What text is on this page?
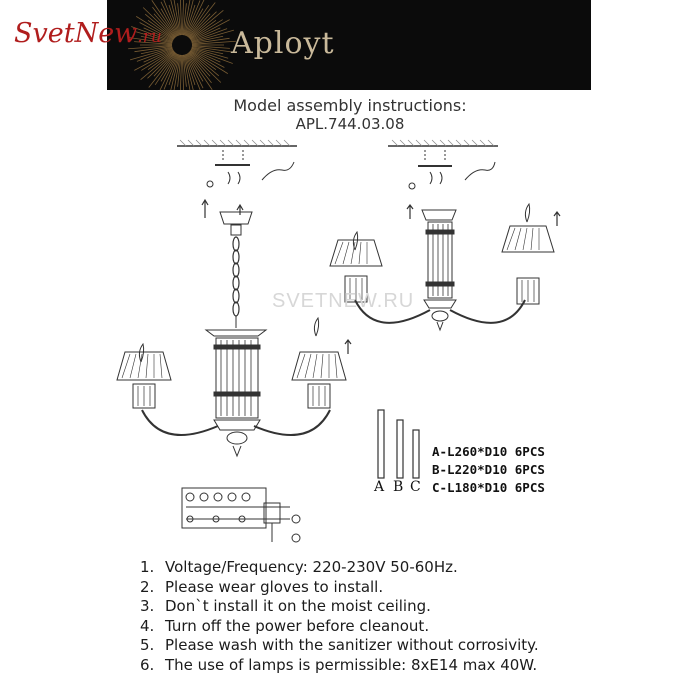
Aployt
SvetNew.ru
Model assembly instructions:
APL.744.03.08
SVETNEW.RU
A B C
A-L260*D10 6PCS
B-L220*D10 6PCS
C-L180*D10 6PCS
1. Voltage/Frequency: 220-230V 50-60Hz.
2. Please wear gloves to install.
3. Don`t install it on the moist ceiling.
4. Turn off the power before cleanout.
5. Please wash with the sanitizer without corrosivity.
6. The use of lamps is permissible: 8xE14 max 40W.
